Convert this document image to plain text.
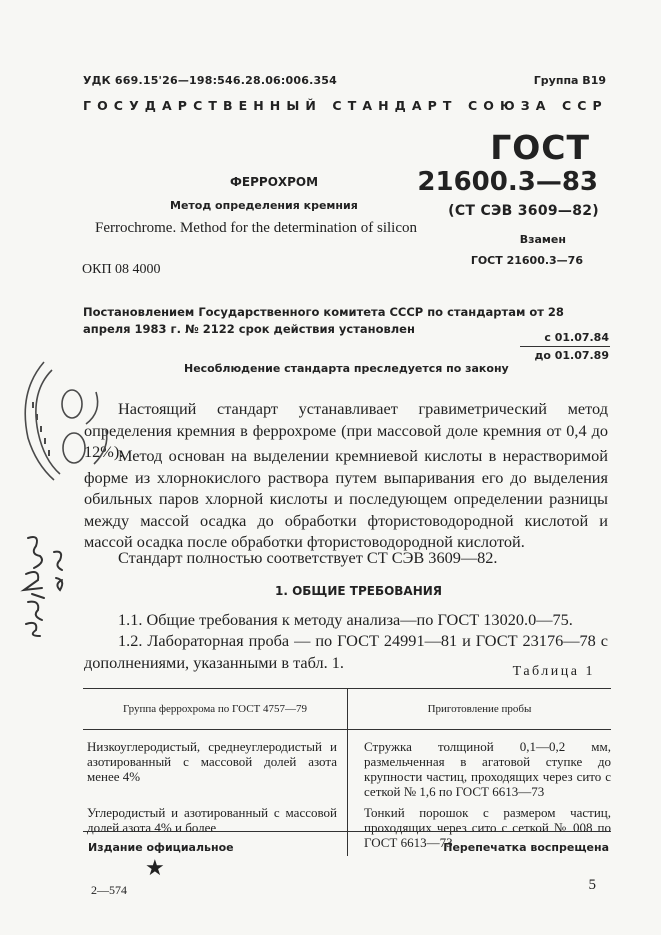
УДК 669.15'26—198:546.28.06:006.354	Группа В19

ГОСУДАРСТВЕННЫЙ СТАНДАРТ СОЮЗА ССР

ГОСТ

21600.3—83

(СТ СЭВ 3609—82)

Взамен

ГОСТ 21600.3—76

ФЕРРОХРОМ

Метод определения кремния

Ferrochrome. Method for the determination of silicon

ОКП 08 4000

Постановлением Государственного комитета СССР по стандартам от 28 апреля 1983 г. № 2122 срок действия установлен

с 01.07.84

до 01.07.89

Несоблюдение стандарта преследуется по закону

Настоящий стандарт устанавливает гравиметрический метод определения кремния в феррохроме (при массовой доле кремния от 0,4 до 12%).

Метод основан на выделении кремниевой кислоты в нерастворимой форме из хлорнокислого раствора путем выпаривания его до выделения обильных паров хлорной кислоты и последующем определении разницы между массой осадка до обработки фтористоводородной кислотой и массой осадка после обработки фтористоводородной кислотой.

Стандарт полностью соответствует СТ СЭВ 3609—82.

1. ОБЩИЕ ТРЕБОВАНИЯ

1.1. Общие требования к методу анализа—по ГОСТ 13020.0—75.

1.2. Лабораторная проба — по ГОСТ 24991—81 и ГОСТ 23176—78 с дополнениями, указанными в табл. 1.	Таблица 1

Группа феррохрома по ГОСТ 4757—79	Приготовление пробы
Низкоуглеродистый, среднеуглеродистый и азотированный с массовой долей азота менее 4%	Стружка толщиной 0,1—0,2 мм, размельченная в агатовой ступке до крупности частиц, проходящих через сито с сеткой № 1,6 по ГОСТ 6613—73
Углеродистый и азотированный с массовой долей азота 4% и более	Тонкий порошок с размером частиц, проходящих через сито с сеткой № 008 по ГОСТ 6613—73

Издание официальное

★

Перепечатка воспрещена

2—574	5
